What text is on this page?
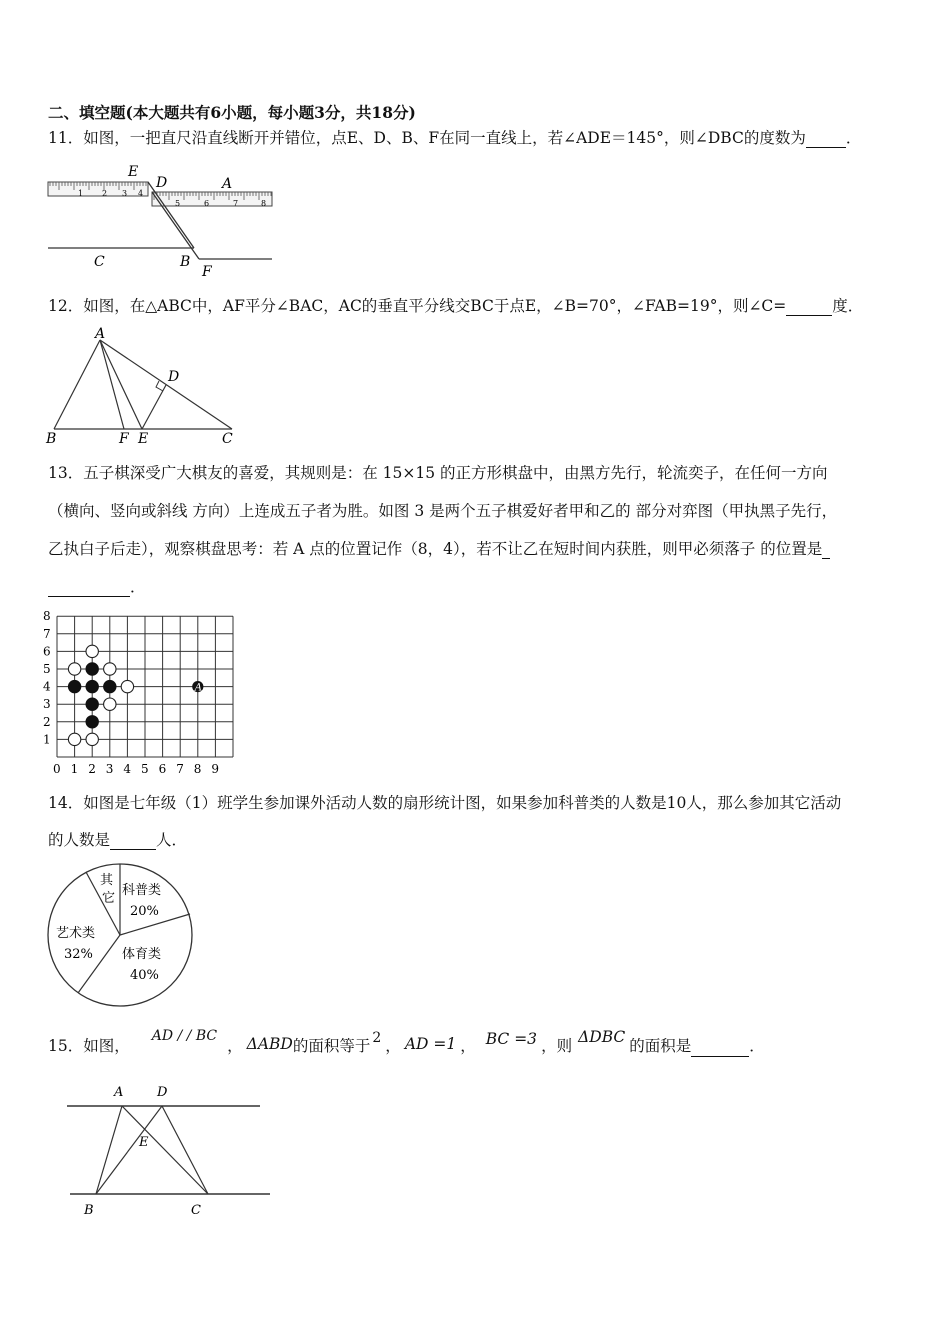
二、填空题(本大题共有6小题，每小题3分，共18分)
11．如图，一把直尺沿直线断开并错位，点E、D、B、F在同一直线上，若∠ADE＝145°，则∠DBC的度数为	．
1 2 3 4
5	6	7	8
E
D	A
C	B
F
12．如图，在△ABC中，AF平分∠BAC，AC的垂直平分线交BC于点E，∠B=70°，∠FAB=19°，则∠C=	度．
A
B	F E	C
D
13．五子棋深受广大棋友的喜爱，其规则是：在 15×15 的正方形棋盘中，由黑方先行，轮流奕子，在任何一方向
（横向、竖向或斜线 方向）上连成五子者为胜。如图 3 是两个五子棋爱好者甲和乙的 部分对弈图（甲执黑子先行，
乙执白子后走），观察棋盘思考：若 A 点的位置记作（8，4），若不让乙在短时间内获胜，则甲必须落子 的位置是
．
0 1 2 3 4 5 6 7 8 9
1
2
3
4
5
6
7
8
A
14．如图是七年级（1）班学生参加课外活动人数的扇形统计图，如果参加科普类的人数是10人，那么参加其它活动
的人数是	人．
科普类
20%
体育类
40%
艺术类
32%
其
它
15．如图，AD / / BC， ΔABD的面积等于 2 ， AD =1 ， BC =3 ，则 ΔDBC 的面积是	．
A	D
E
B	C
